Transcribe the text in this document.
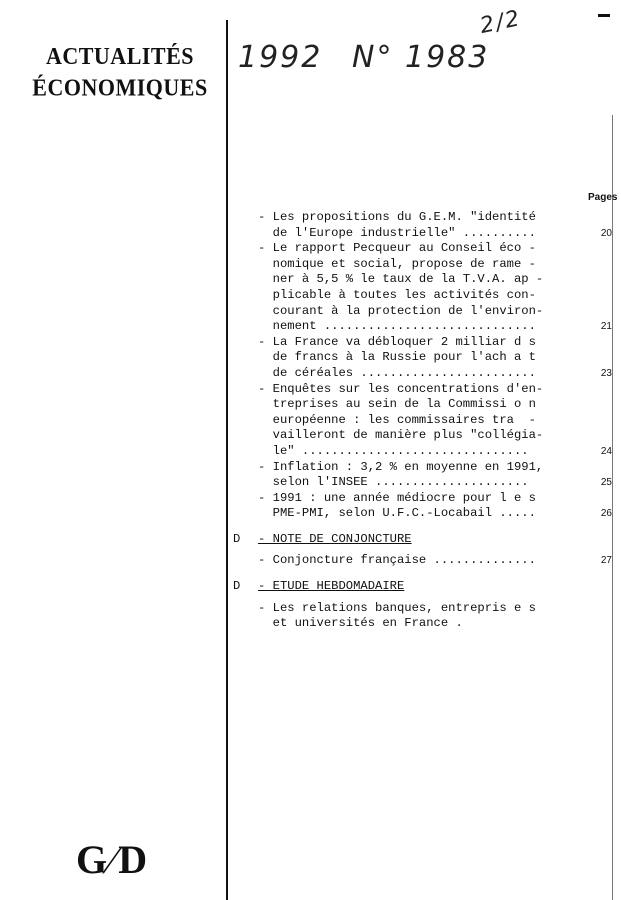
ACTUALITÉS
ÉCONOMIQUES
1992 N° 1983
2/2
Pages
- Les propositions du G.E.M. "identité
de l'Europe industrielle" ..........	20
- Le rapport Pecqueur au Conseil éco -
nomique et social, propose de rame -
ner à 5,5 % le taux de la T.V.A. ap -
plicable à toutes les activités con-
courant à la protection de l'environ-
nement .............................	21
- La France va débloquer 2 milliar d s
de francs à la Russie pour l'ach a t
de céréales ........................	23
- Enquêtes sur les concentrations d'en-
treprises au sein de la Commissi o n
européenne : les commissaires tra  -
vailleront de manière plus "collégia-
le" ...............................	24
- Inflation : 3,2 % en moyenne en 1991,
selon l'INSEE .....................	25
- 1991 : une année médiocre pour l e s
PME-PMI, selon U.F.C.-Locabail .....	26
D - NOTE DE CONJONCTURE
- Conjoncture française ..............	27
D - ETUDE HEBDOMADAIRE
- Les relations banques, entrepris e s
et universités en France .
G/D
